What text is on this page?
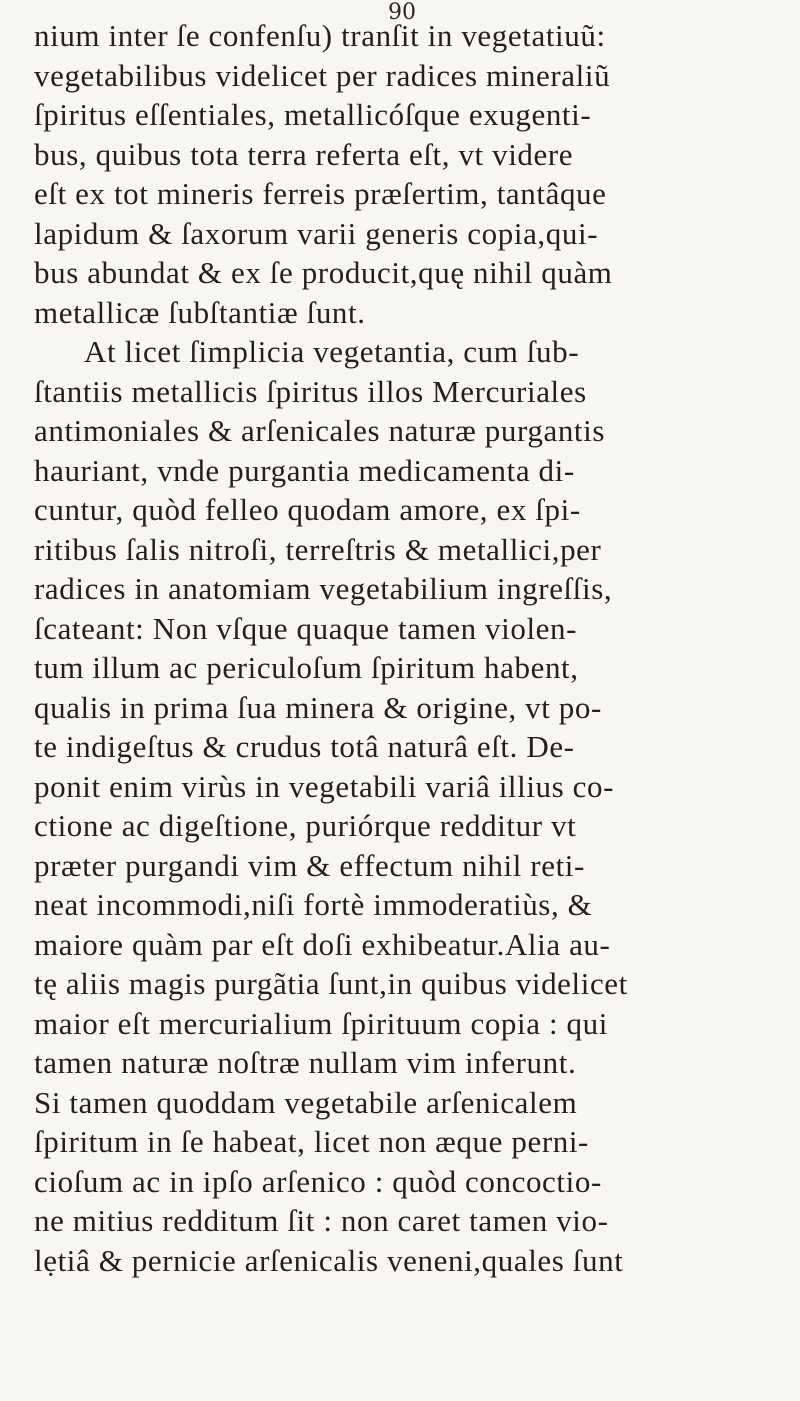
90
nium inter ſe confenſu) tranſit in vegetatiuũ:
vegetabilibus videlicet per radices mineraliũ
ſpiritus eſſentiales, metallicóſque exugenti-
bus, quibus tota terra referta eſt, vt videre
eſt ex tot mineris ferreis præſertim, tantâque
lapidum & ſaxorum varii generis copia,qui-
bus abundat & ex ſe producit,quę nihil quàm
metallicæ ſubſtantiæ ſunt.
At licet ſimplicia vegetantia, cum ſub-
ſtantiis metallicis ſpiritus illos Mercuriales
antimoniales & arſenicales naturæ purgantis
hauriant, vnde purgantia medicamenta di-
cuntur, quòd felleo quodam amore, ex ſpi-
ritibus ſalis nitroſi, terreſtris & metallici,per
radices in anatomiam vegetabilium ingreſſis,
ſcateant: Non vſque quaque tamen violen-
tum illum ac periculoſum ſpiritum habent,
qualis in prima ſua minera & origine, vt po-
te indigeſtus & crudus totâ naturâ eſt. De-
ponit enim virùs in vegetabili variâ illius co-
ctione ac digeſtione, puriórque redditur vt
præter purgandi vim & effectum nihil reti-
neat incommodi,niſi fortè immoderatiùs, &
maiore quàm par eſt doſi exhibeatur.Alia au-
tę aliis magis purgãtia ſunt,in quibus videlicet
maior eſt mercurialium ſpirituum copia : qui
tamen naturæ noſtræ nullam vim inferunt.
Si tamen quoddam vegetabile arſenicalem
ſpiritum in ſe habeat, licet non æque perni-
cioſum ac in ipſo arſenico : quòd concoctio-
ne mitius redditum ſit : non caret tamen vio-
lẹtiâ & pernicie arſenicalis veneni,quales ſunt
